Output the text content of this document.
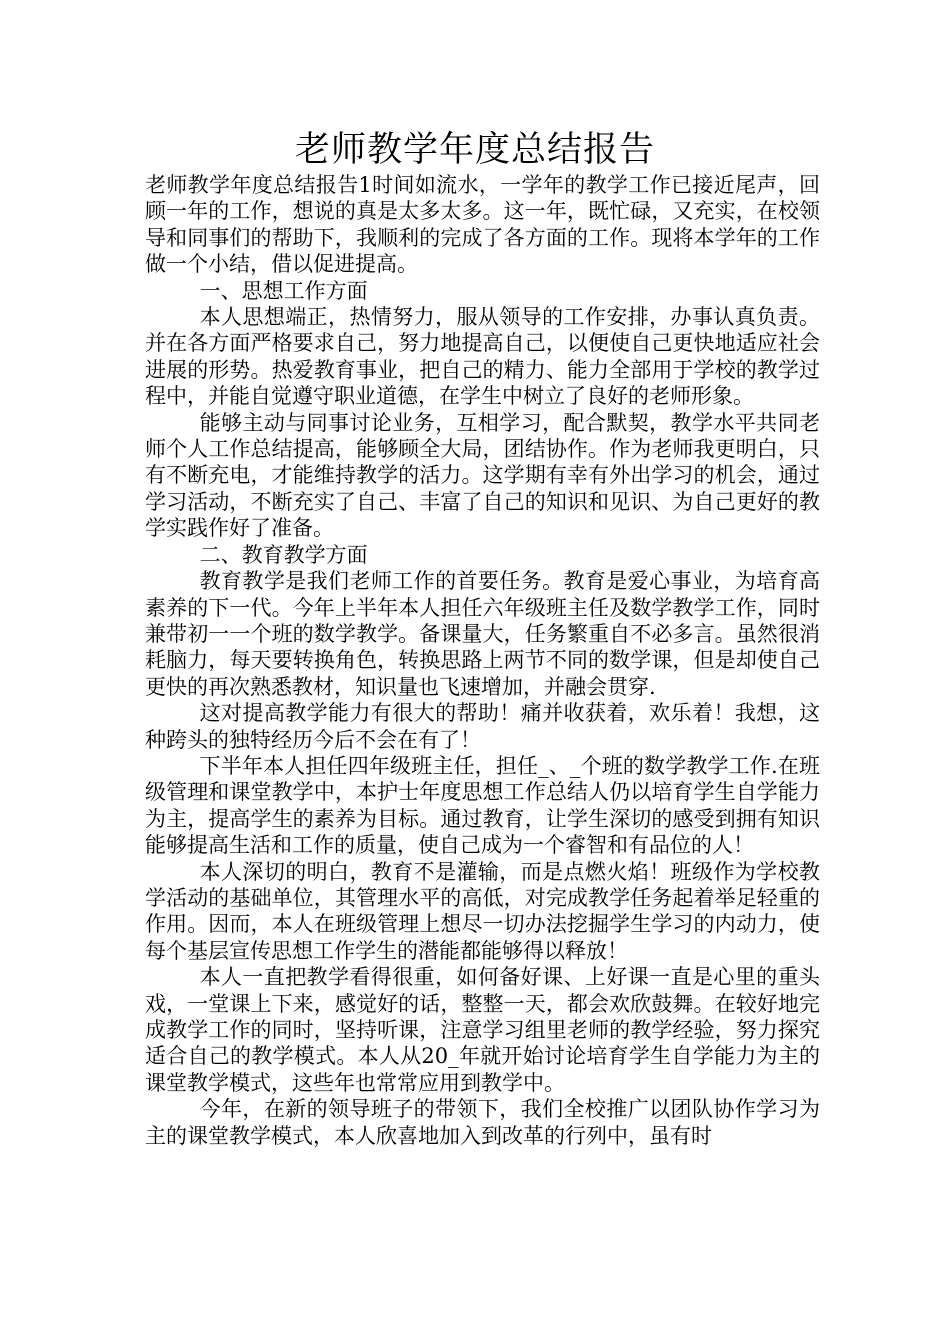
老师教学年度总结报告

老师教学年度总结报告1时间如流水，一学年的教学工作已接近尾声，回顾一年的工作，想说的真是太多太多。这一年，既忙碌，又充实，在校领导和同事们的帮助下，我顺利的完成了各方面的工作。现将本学年的工作做一个小结，借以促进提高。

一、思想工作方面

本人思想端正，热情努力，服从领导的工作安排，办事认真负责。并在各方面严格要求自己，努力地提高自己，以便使自己更快地适应社会进展的形势。热爱教育事业，把自己的精力、能力全部用于学校的教学过程中，并能自觉遵守职业道德，在学生中树立了良好的老师形象。

能够主动与同事讨论业务，互相学习，配合默契，教学水平共同老师个人工作总结提高，能够顾全大局，团结协作。作为老师我更明白，只有不断充电，才能维持教学的活力。这学期有幸有外出学习的机会，通过学习活动，不断充实了自己、丰富了自己的知识和见识、为自己更好的教学实践作好了准备。

二、教育教学方面

教育教学是我们老师工作的首要任务。教育是爱心事业，为培育高素养的下一代。今年上半年本人担任六年级班主任及数学教学工作，同时兼带初一一个班的数学教学。备课量大，任务繁重自不必多言。虽然很消耗脑力，每天要转换角色，转换思路上两节不同的数学课，但是却使自己更快的再次熟悉教材，知识量也飞速增加，并融会贯穿.

这对提高教学能力有很大的帮助！痛并收获着，欢乐着！我想，这种跨头的独特经历今后不会在有了！

下半年本人担任四年级班主任，担任_、_个班的数学教学工作.在班级管理和课堂教学中，本护士年度思想工作总结人仍以培育学生自学能力为主，提高学生的素养为目标。通过教育，让学生深切的感受到拥有知识能够提高生活和工作的质量，使自己成为一个睿智和有品位的人！

本人深切的明白，教育不是灌输，而是点燃火焰！班级作为学校教学活动的基础单位，其管理水平的高低，对完成教学任务起着举足轻重的作用。因而，本人在班级管理上想尽一切办法挖掘学生学习的内动力，使每个基层宣传思想工作学生的潜能都能够得以释放！

本人一直把教学看得很重，如何备好课、上好课一直是心里的重头戏，一堂课上下来，感觉好的话，整整一天，都会欢欣鼓舞。在较好地完成教学工作的同时，坚持听课，注意学习组里老师的教学经验，努力探究适合自己的教学模式。本人从20_年就开始讨论培育学生自学能力为主的课堂教学模式，这些年也常常应用到教学中。

今年，在新的领导班子的带领下，我们全校推广以团队协作学习为主的课堂教学模式，本人欣喜地加入到改革的行列中，虽有时
